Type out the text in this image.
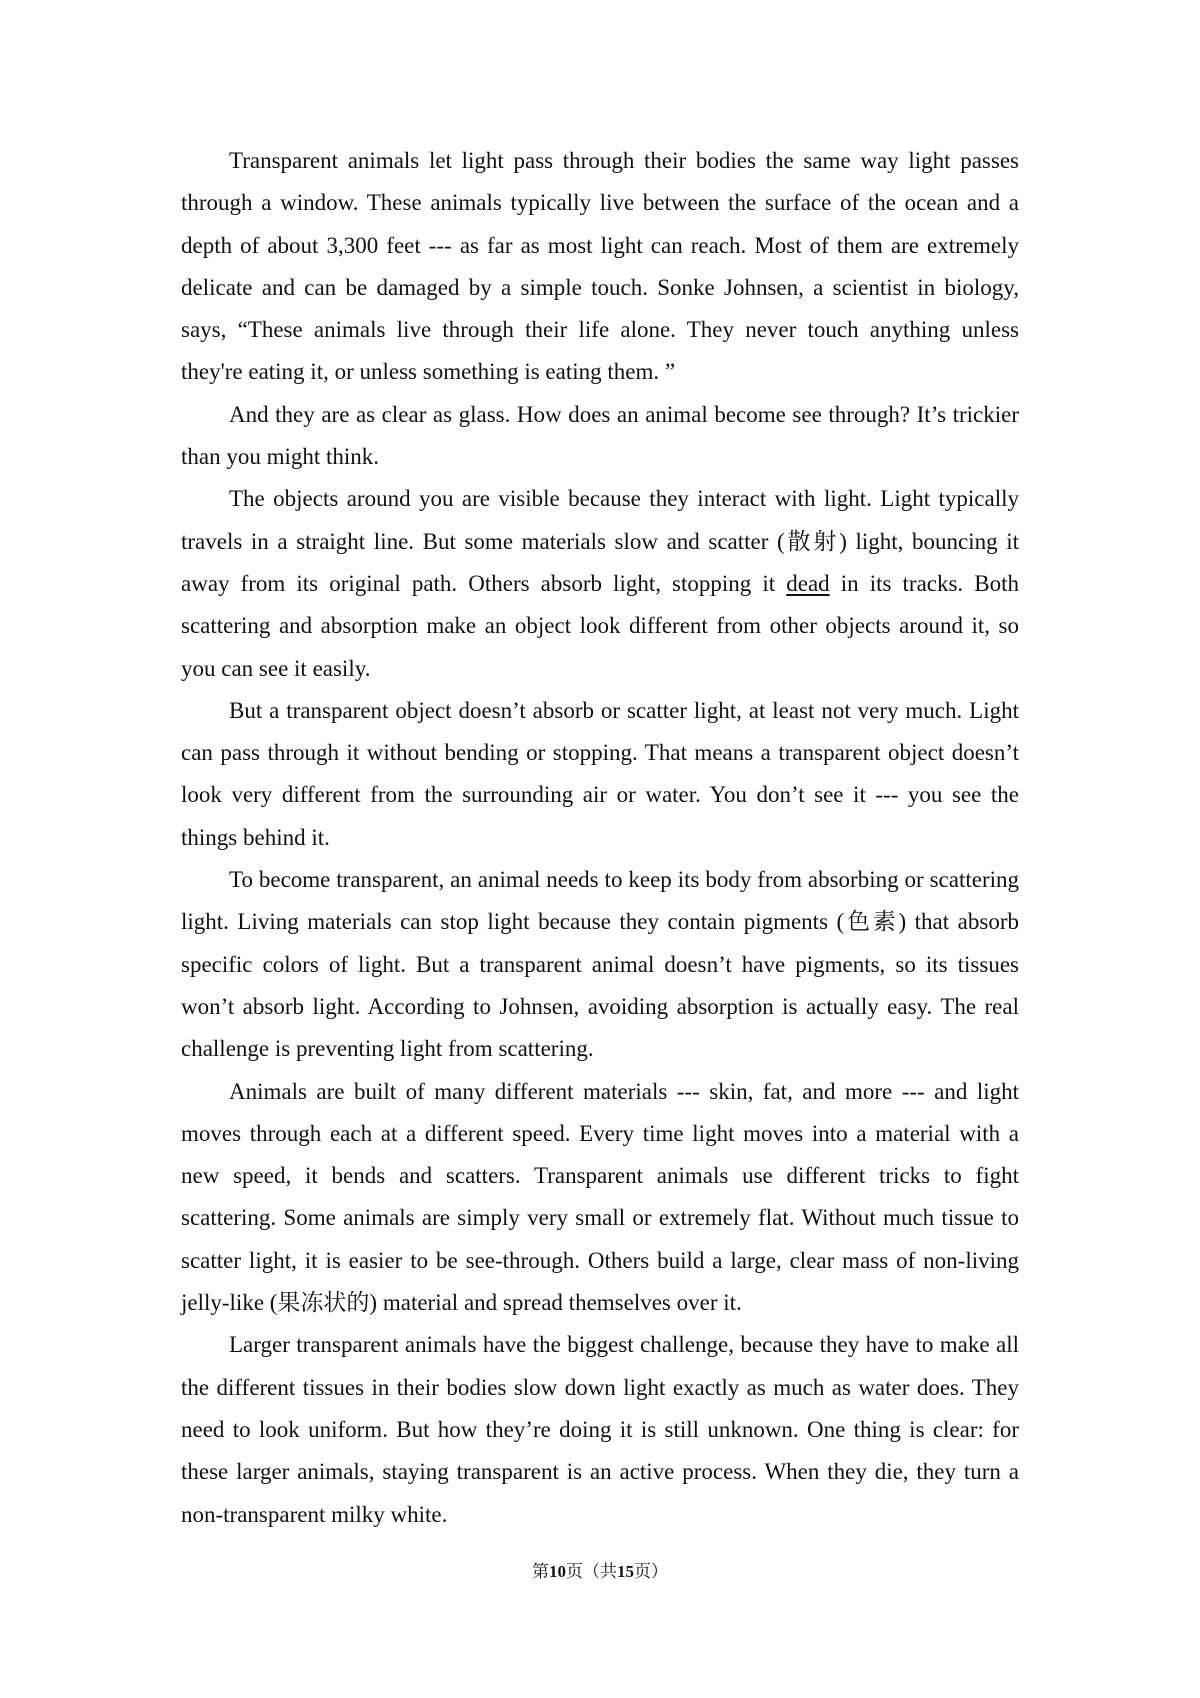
Transparent animals let light pass through their bodies the same way light passes through a window. These animals typically live between the surface of the ocean and a depth of about 3,300 feet --- as far as most light can reach. Most of them are extremely delicate and can be damaged by a simple touch. Sonke Johnsen, a scientist in biology, says, “These animals live through their life alone. They never touch anything unless they're eating it, or unless something is eating them. ”

And they are as clear as glass. How does an animal become see through? It’s trickier than you might think.

The objects around you are visible because they interact with light. Light typically travels in a straight line. But some materials slow and scatter (散射) light, bouncing it away from its original path. Others absorb light, stopping it dead in its tracks. Both scattering and absorption make an object look different from other objects around it, so you can see it easily.

But a transparent object doesn’t absorb or scatter light, at least not very much. Light can pass through it without bending or stopping. That means a transparent object doesn’t look very different from the surrounding air or water. You don’t see it --- you see the things behind it.

To become transparent, an animal needs to keep its body from absorbing or scattering light. Living materials can stop light because they contain pigments (色素) that absorb specific colors of light. But a transparent animal doesn’t have pigments, so its tissues won’t absorb light. According to Johnsen, avoiding absorption is actually easy. The real challenge is preventing light from scattering.

Animals are built of many different materials --- skin, fat, and more --- and light moves through each at a different speed. Every time light moves into a material with a new speed, it bends and scatters. Transparent animals use different tricks to fight scattering. Some animals are simply very small or extremely flat. Without much tissue to scatter light, it is easier to be see-through. Others build a large, clear mass of non-living jelly-like (果冻状的) material and spread themselves over it.

Larger transparent animals have the biggest challenge, because they have to make all the different tissues in their bodies slow down light exactly as much as water does. They need to look uniform. But how they’re doing it is still unknown. One thing is clear: for these larger animals, staying transparent is an active process. When they die, they turn a non-transparent milky white.

第10页（共15页）
